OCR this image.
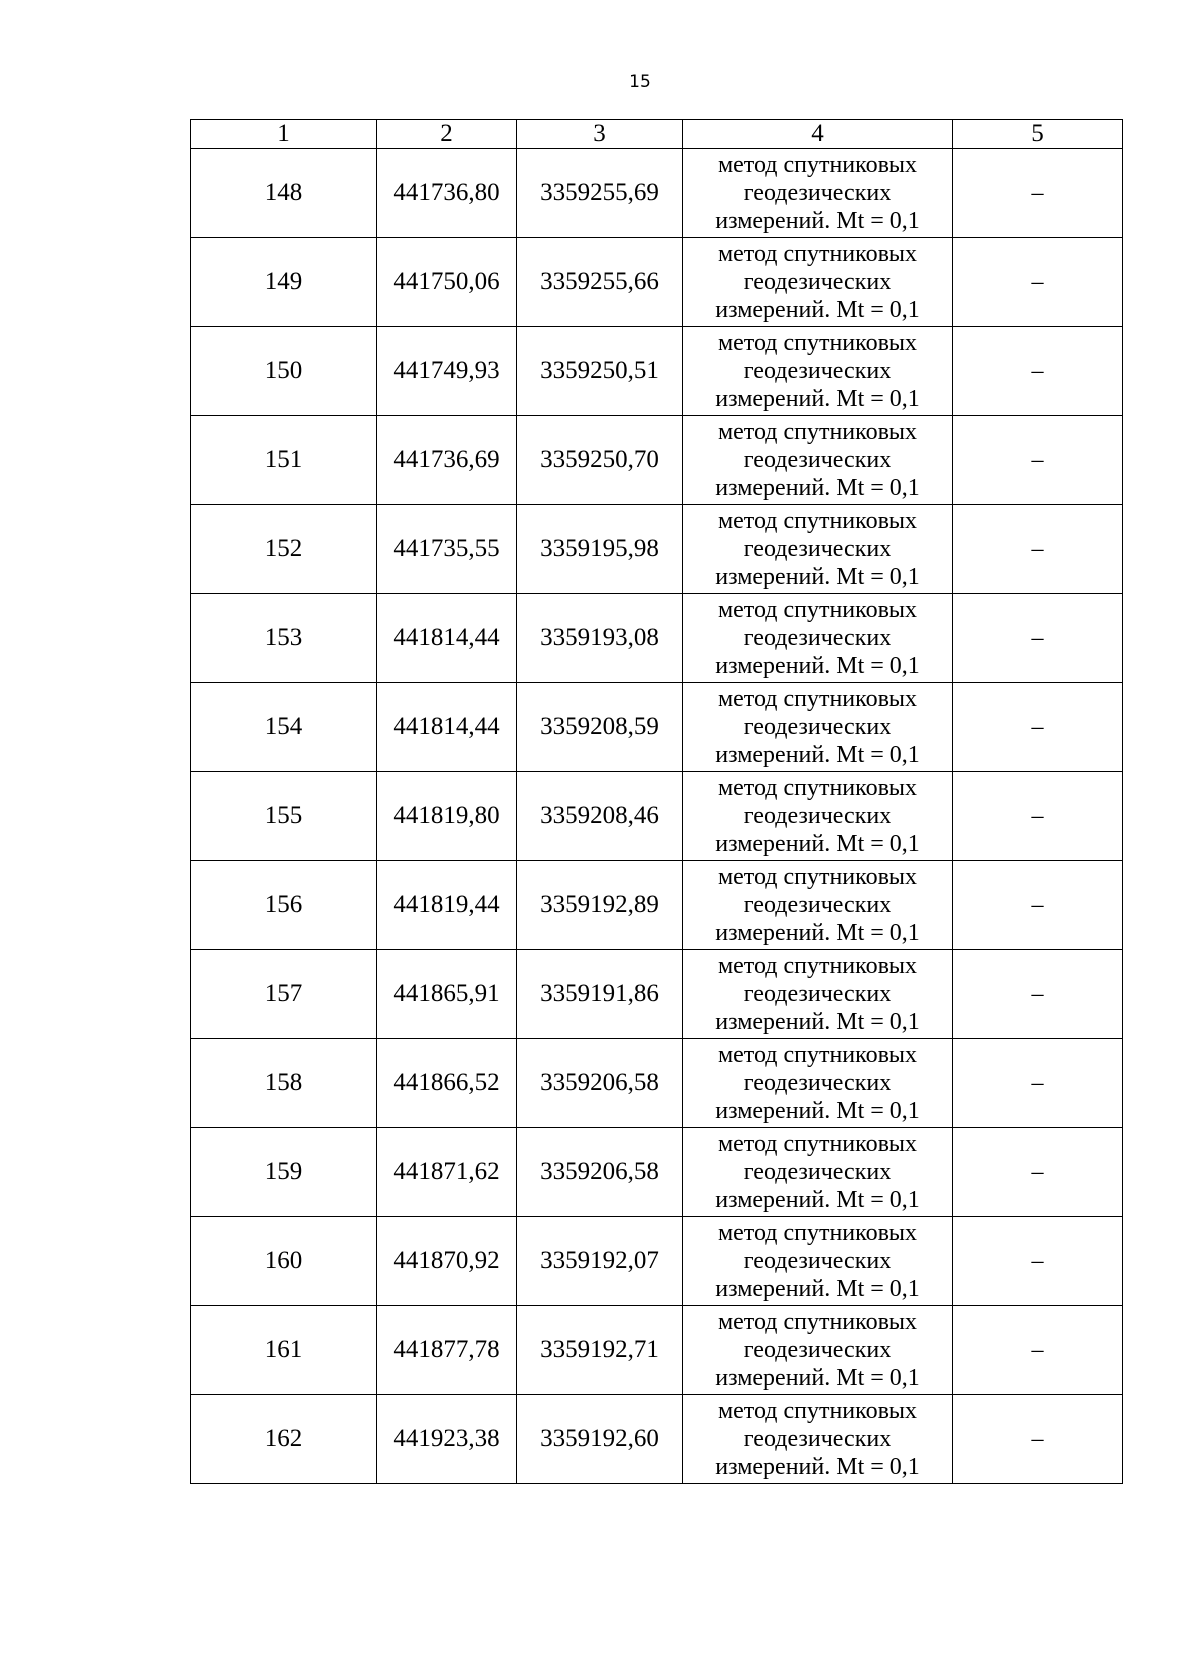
15
1	2	3	4	5
148	441736,80	3359255,69	метод спутниковых
геодезических
измерений. Mt = 0,1	–
149	441750,06	3359255,66	метод спутниковых
геодезических
измерений. Mt = 0,1	–
150	441749,93	3359250,51	метод спутниковых
геодезических
измерений. Mt = 0,1	–
151	441736,69	3359250,70	метод спутниковых
геодезических
измерений. Mt = 0,1	–
152	441735,55	3359195,98	метод спутниковых
геодезических
измерений. Mt = 0,1	–
153	441814,44	3359193,08	метод спутниковых
геодезических
измерений. Mt = 0,1	–
154	441814,44	3359208,59	метод спутниковых
геодезических
измерений. Mt = 0,1	–
155	441819,80	3359208,46	метод спутниковых
геодезических
измерений. Mt = 0,1	–
156	441819,44	3359192,89	метод спутниковых
геодезических
измерений. Mt = 0,1	–
157	441865,91	3359191,86	метод спутниковых
геодезических
измерений. Mt = 0,1	–
158	441866,52	3359206,58	метод спутниковых
геодезических
измерений. Mt = 0,1	–
159	441871,62	3359206,58	метод спутниковых
геодезических
измерений. Mt = 0,1	–
160	441870,92	3359192,07	метод спутниковых
геодезических
измерений. Mt = 0,1	–
161	441877,78	3359192,71	метод спутниковых
геодезических
измерений. Mt = 0,1	–
162	441923,38	3359192,60	метод спутниковых
геодезических
измерений. Mt = 0,1	–
